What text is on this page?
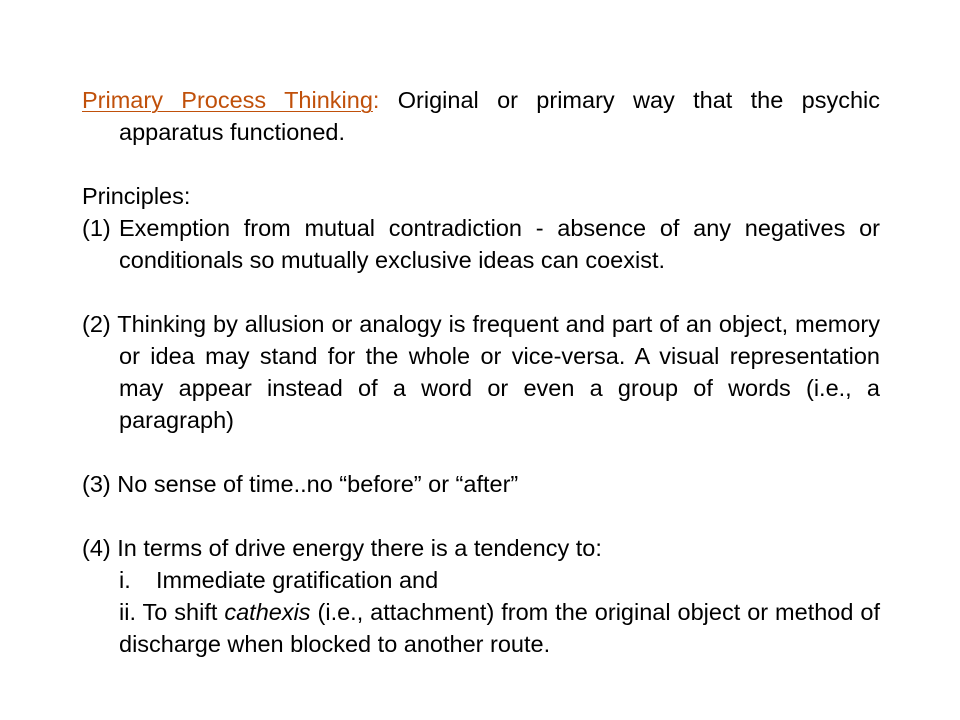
Primary Process Thinking: Original or primary way that the psychic apparatus functioned.

Principles:

(1) Exemption from mutual contradiction - absence of any negatives or conditionals so mutually exclusive ideas can coexist.

(2) Thinking by allusion or analogy is frequent and part of an object, memory or idea may stand for the whole or vice-versa. A visual representation may appear instead of a word or even a group of words (i.e., a paragraph)

(3) No sense of time..no “before” or “after”

(4) In terms of drive energy there is a tendency to:

i. Immediate gratification and

ii. To shift cathexis (i.e., attachment) from the original object or method of discharge when blocked to another route.
